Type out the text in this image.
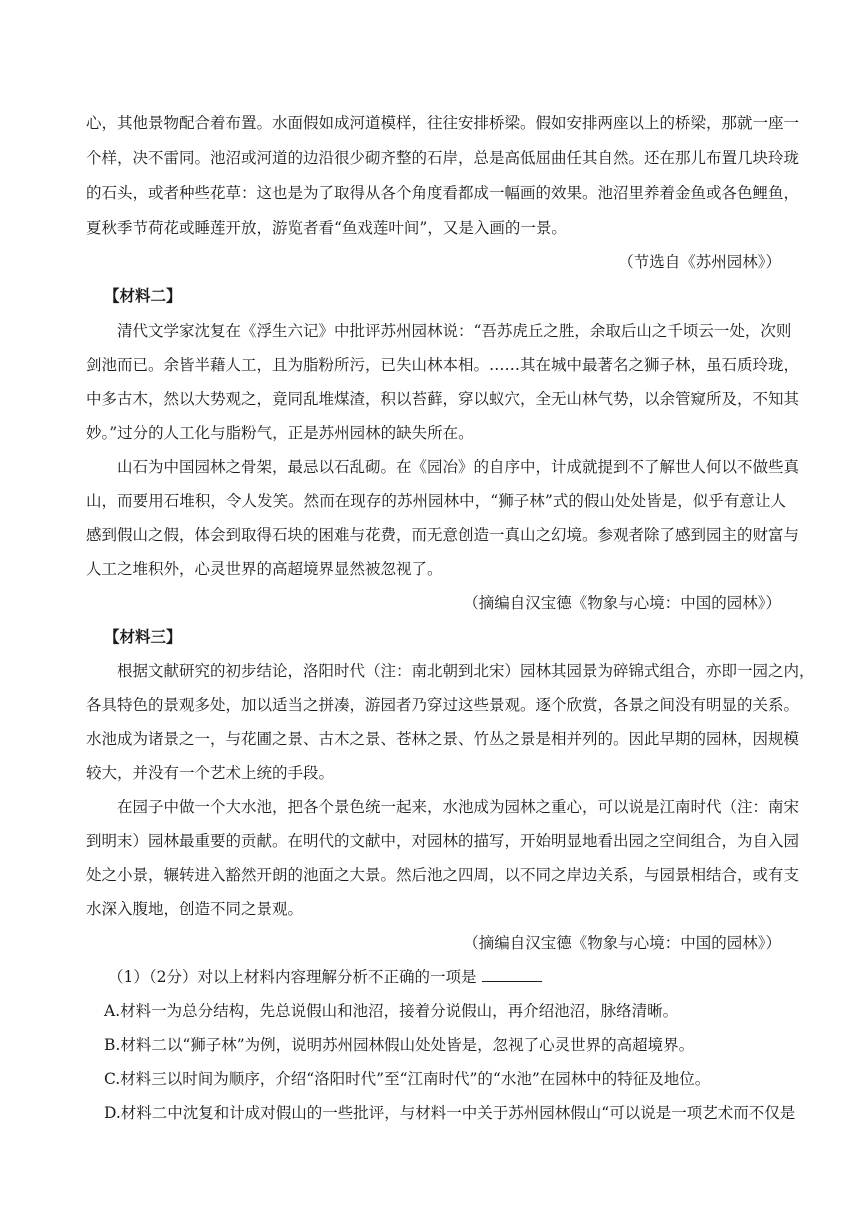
心，其他景物配合着布置。水面假如成河道模样，往往安排桥梁。假如安排两座以上的桥梁，那就一座一
个样，决不雷同。池沼或河道的边沿很少砌齐整的石岸，总是高低屈曲任其自然。还在那儿布置几块玲珑
的石头，或者种些花草：这也是为了取得从各个角度看都成一幅画的效果。池沼里养着金鱼或各色鲤鱼，
夏秋季节荷花或睡莲开放，游览者看“鱼戏莲叶间”，又是入画的一景。
（节选自《苏州园林》）
【材料二】
清代文学家沈复在《浮生六记》中批评苏州园林说：“吾苏虎丘之胜，余取后山之千顷云一处，次则
剑池而已。余皆半藉人工，且为脂粉所污，已失山林本相。……其在城中最著名之狮子林，虽石质玲珑，
中多古木，然以大势观之，竟同乱堆煤渣，积以苔藓，穿以蚁穴，全无山林气势，以余管窥所及，不知其
妙。”过分的人工化与脂粉气，正是苏州园林的缺失所在。
山石为中国园林之骨架，最忌以石乱砌。在《园冶》的自序中，计成就提到不了解世人何以不做些真
山，而要用石堆积，令人发笑。然而在现存的苏州园林中，“狮子林”式的假山处处皆是，似乎有意让人
感到假山之假，体会到取得石块的困难与花费，而无意创造一真山之幻境。参观者除了感到园主的财富与
人工之堆积外，心灵世界的高超境界显然被忽视了。
（摘编自汉宝德《物象与心境：中国的园林》）
【材料三】
根据文献研究的初步结论，洛阳时代（注：南北朝到北宋）园林其园景为碎锦式组合，亦即一园之内，
各具特色的景观多处，加以适当之拼凑，游园者乃穿过这些景观。逐个欣赏，各景之间没有明显的关系。
水池成为诸景之一，与花圃之景、古木之景、苍林之景、竹丛之景是相并列的。因此早期的园林，因规模
较大，并没有一个艺术上统的手段。
在园子中做一个大水池，把各个景色统一起来，水池成为园林之重心，可以说是江南时代（注：南宋
到明末）园林最重要的贡献。在明代的文献中，对园林的描写，开始明显地看出园之空间组合，为自入园
处之小景，辗转进入豁然开朗的池面之大景。然后池之四周，以不同之岸边关系，与园景相结合，或有支
水深入腹地，创造不同之景观。
（摘编自汉宝德《物象与心境：中国的园林》）
（1）（2分）对以上材料内容理解分析不正确的一项是
A.材料一为总分结构，先总说假山和池沼，接着分说假山，再介绍池沼，脉络清晰。
B.材料二以“狮子林”为例，说明苏州园林假山处处皆是，忽视了心灵世界的高超境界。
C.材料三以时间为顺序，介绍“洛阳时代”至“江南时代”的“水池”在园林中的特征及地位。
D.材料二中沈复和计成对假山的一些批评，与材料一中关于苏州园林假山“可以说是一项艺术而不仅是
